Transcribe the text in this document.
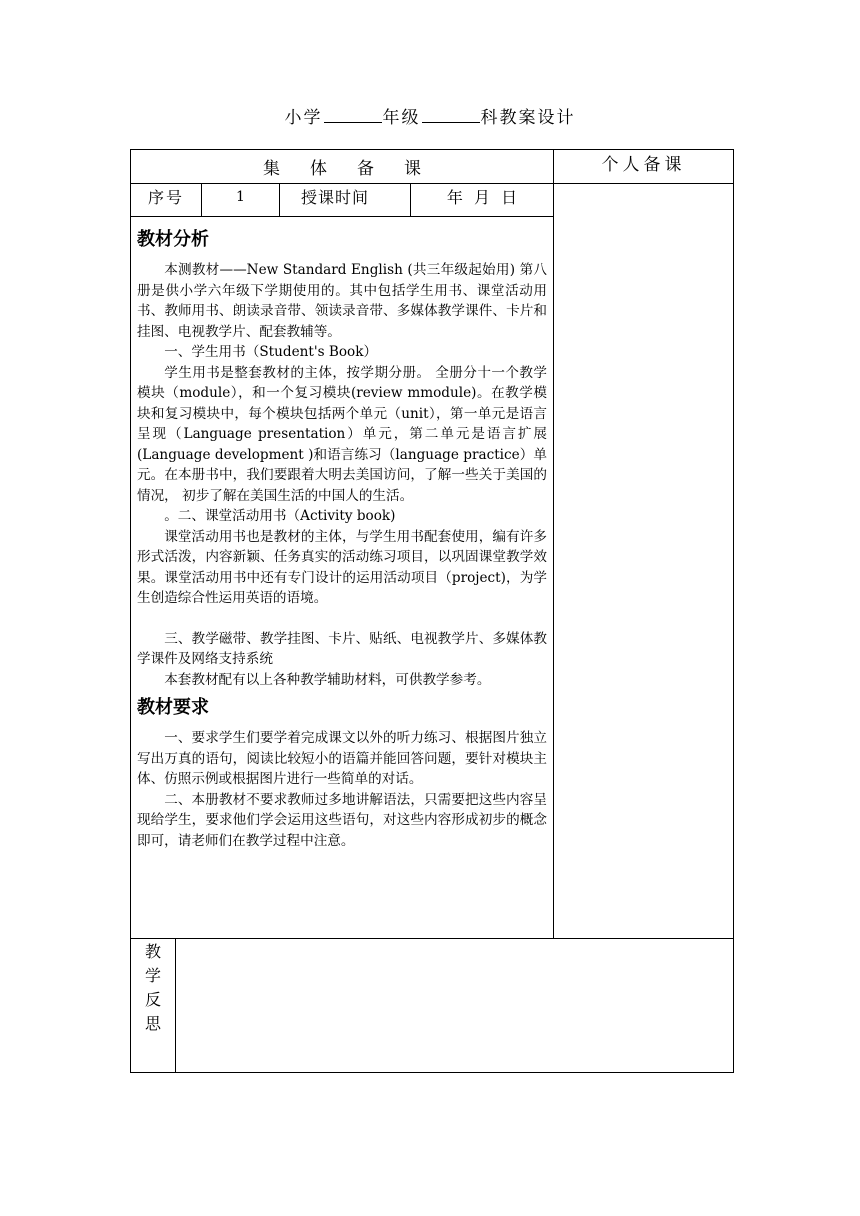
小学	年级	科教案设计
集体备课	个人备课
序号	1	授课时间	年 月 日
教材分析

本测教材——New Standard English (共三年级起始用) 第八册是供小学六年级下学期使用的。其中包括学生用书、课堂活动用书、教师用书、朗读录音带、领读录音带、多媒体教学课件、卡片和挂图、电视教学片、配套教辅等。

一、学生用书（Student's Book）

学生用书是整套教材的主体，按学期分册。 全册分十一个教学模块（module），和一个复习模块(review mmodule)。在教学模块和复习模块中，每个模块包括两个单元（unit），第一单元是语言呈现（Language presentation）单元，第二单元是语言扩展(Language development )和语言练习（language practice）单元。在本册书中，我们要跟着大明去美国访问，了解一些关于美国的情况， 初步了解在美国生活的中国人的生活。

。二、课堂活动用书（Activity book)

课堂活动用书也是教材的主体，与学生用书配套使用，编有许多形式活泼，内容新颖、任务真实的活动练习项目，以巩固课堂教学效果。课堂活动用书中还有专门设计的运用活动项目（project)，为学生创造综合性运用英语的语境。

三、教学磁带、教学挂图、卡片、贴纸、电视教学片、多媒体教学课件及网络支持系统

本套教材配有以上各种教学辅助材料，可供教学参考。

教材要求

一、要求学生们要学着完成课文以外的听力练习、根据图片独立写出万真的语句，阅读比较短小的语篇并能回答问题，要针对模块主体、仿照示例或根据图片进行一些简单的对话。

二、本册教材不要求教师过多地讲解语法，只需要把这些内容呈现给学生，要求他们学会运用这些语句，对这些内容形成初步的概念即可，请老师们在教学过程中注意。

教
学
反
思
